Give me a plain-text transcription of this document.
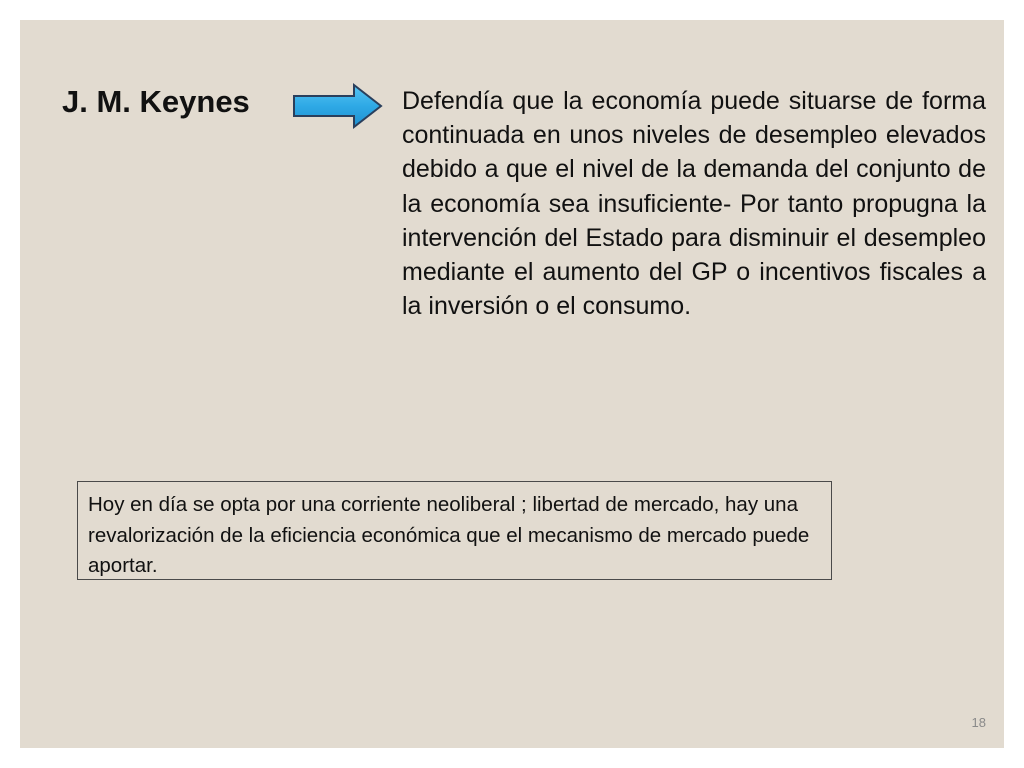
J. M. Keynes	Defendía que la economía puede situarse de forma continuada en unos niveles de desempleo elevados debido a que el nivel de la demanda del conjunto de la economía sea insuficiente- Por tanto propugna la intervención del Estado para disminuir el desempleo mediante el aumento del GP o incentivos fiscales a la inversión o el consumo.
Hoy en día se opta por una corriente neoliberal ; libertad de mercado, hay una revalorización de la eficiencia económica que el mecanismo de mercado puede aportar.
18
